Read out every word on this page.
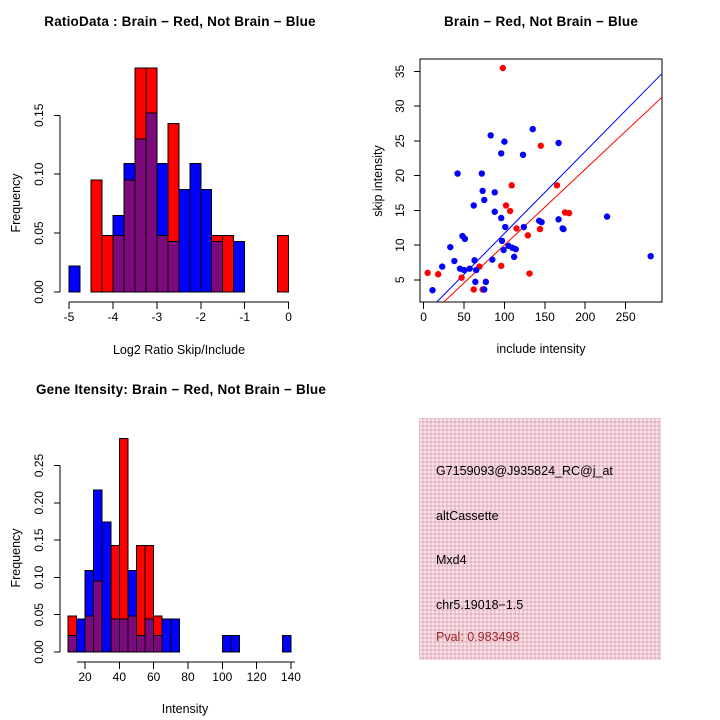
RatioData : Brain − Red, Not Brain − Blue	Brain − Red, Not Brain − Blue
Gene Itensity: Brain − Red, Not Brain − Blue
Log2 Ratio Skip/Include
Frequency
include intensity
skip intensity
Intensity
Frequency
0.00
0.05
0.10
0.15
-5	-4	-3	-2	-1	0	0	50 100 150 200 250
5
10
15
20
25
30
35
0.00
0.05
0.10
0.15
0.20
0.25
20 40 60 80 100 120 140
G7159093@J935824_RC@j_at
altCassette
Mxd4
chr5.19018−1.5
Pval: 0.983498
